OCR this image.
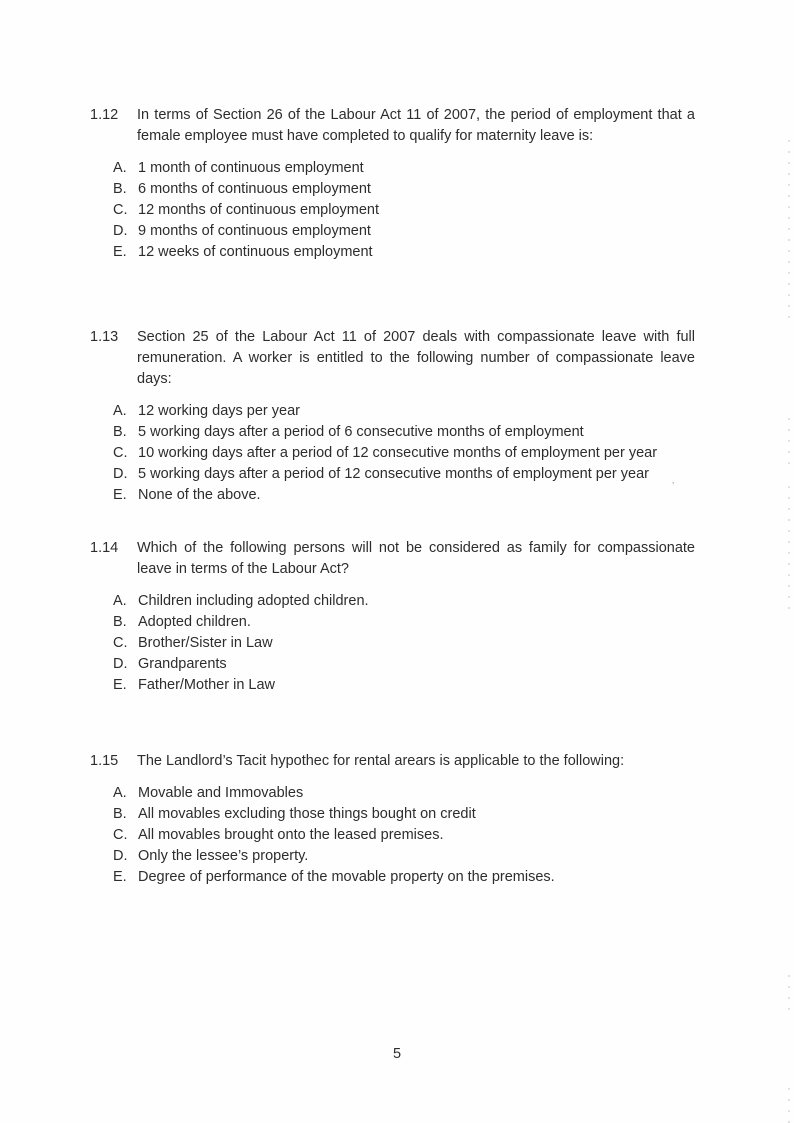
1.12	In terms of Section 26 of the Labour Act 11 of 2007, the period of employment that a female employee must have completed to qualify for maternity leave is:
A. 1 month of continuous employment
B. 6 months of continuous employment
C. 12 months of continuous employment
D. 9 months of continuous employment
E. 12 weeks of continuous employment
1.13	Section 25 of the Labour Act 11 of 2007 deals with compassionate leave with full remuneration. A worker is entitled to the following number of compassionate leave days:
A. 12 working days per year
B. 5 working days after a period of 6 consecutive months of employment
C. 10 working days after a period of 12 consecutive months of employment per year
D. 5 working days after a period of 12 consecutive months of employment per year
E. None of the above.
1.14	Which of the following persons will not be considered as family for compassionate leave in terms of the Labour Act?
A. Children including adopted children.
B. Adopted children.
C. Brother/Sister in Law
D. Grandparents
E. Father/Mother in Law
1.15	The Landlord’s Tacit hypothec for rental arears is applicable to the following:
A. Movable and Immovables
B. All movables excluding those things bought on credit
C. All movables brought onto the leased premises.
D. Only the lessee’s property.
E. Degree of performance of the movable property on the premises.
5
’
